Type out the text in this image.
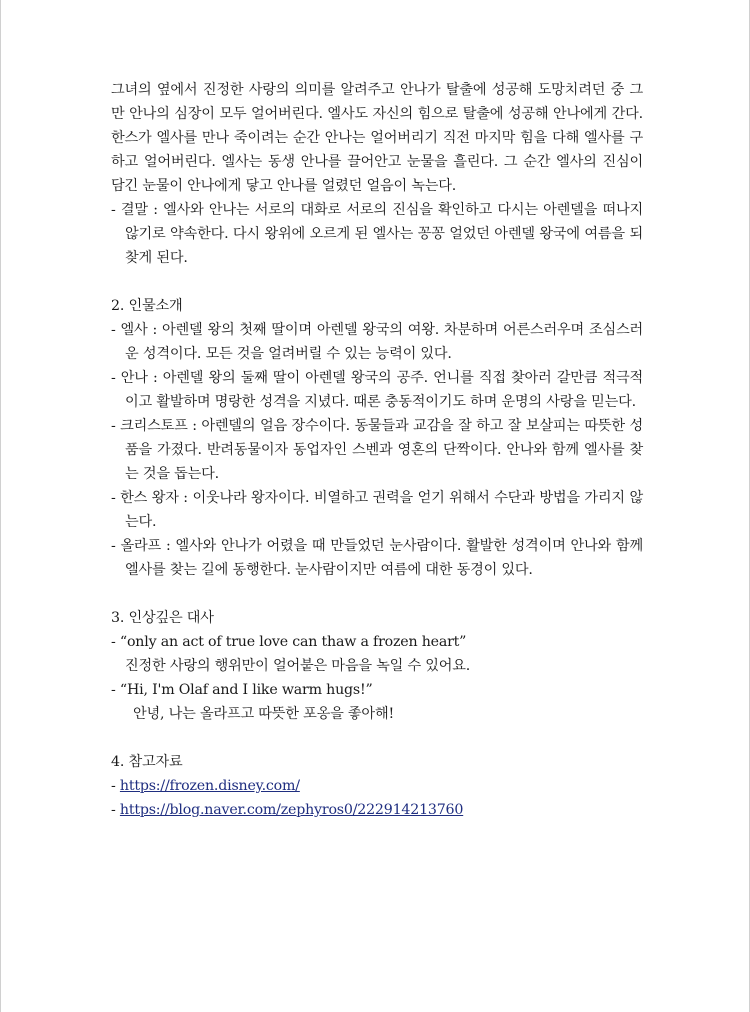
그녀의 옆에서 진정한 사랑의 의미를 알려주고 안나가 탈출에 성공해 도망치려던 중 그만 안나의 심장이 모두 얼어버린다. 엘사도 자신의 힘으로 탈출에 성공해 안나에게 간다. 한스가 엘사를 만나 죽이려는 순간 안나는 얼어버리기 직전 마지막 힘을 다해 엘사를 구하고 얼어버린다. 엘사는 동생 안나를 끌어안고 눈물을 흘린다. 그 순간 엘사의 진심이 담긴 눈물이 안나에게 닿고 안나를 얼렸던 얼음이 녹는다.

- 결말 : 엘사와 안나는 서로의 대화로 서로의 진심을 확인하고 다시는 아렌델을 떠나지 않기로 약속한다. 다시 왕위에 오르게 된 엘사는 꽁꽁 얼었던 아렌델 왕국에 여름을 되찾게 된다.

2. 인물소개

- 엘사 : 아렌델 왕의 첫째 딸이며 아렌델 왕국의 여왕. 차분하며 어른스러우며 조심스러운 성격이다. 모든 것을 얼려버릴 수 있는 능력이 있다.

- 안나 : 아렌델 왕의 둘째 딸이 아렌델 왕국의 공주. 언니를 직접 찾아러 갈만큼 적극적이고 활발하며 명랑한 성격을 지녔다. 때론 충동적이기도 하며 운명의 사랑을 믿는다.

- 크리스토프 : 아렌델의 얼음 장수이다. 동물들과 교감을 잘 하고 잘 보살피는 따뜻한 성품을 가졌다. 반려동물이자 동업자인 스벤과 영혼의 단짝이다. 안나와 함께 엘사를 찾는 것을 돕는다.

- 한스 왕자 : 이웃나라 왕자이다. 비열하고 권력을 얻기 위해서 수단과 방법을 가리지 않는다.

- 올라프 : 엘사와 안나가 어렸을 때 만들었던 눈사람이다. 활발한 성격이며 안나와 함께 엘사를 찾는 길에 동행한다. 눈사람이지만 여름에 대한 동경이 있다.

3. 인상깊은 대사

- “only an act of true love can thaw a frozen heart”

진정한 사랑의 행위만이 얼어붙은 마음을 녹일 수 있어요.

- “Hi, I'm Olaf and I like warm hugs!”

안녕, 나는 올라프고 따뜻한 포옹을 좋아해!

4. 참고자료

- https://frozen.disney.com/

- https://blog.naver.com/zephyros0/222914213760
